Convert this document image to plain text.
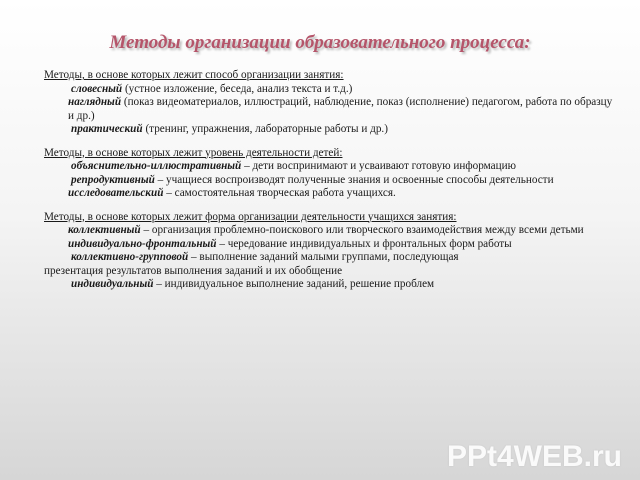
Методы организации образовательного процесса:
Методы, в основе которых лежит способ организации занятия:
словесный (устное изложение, беседа, анализ текста и т.д.)
наглядный (показ видеоматериалов, иллюстраций, наблюдение, показ (исполнение) педагогом, работа по образцу и др.)
практический (тренинг, упражнения, лабораторные работы и др.)
Методы, в основе которых лежит уровень деятельности детей:
объяснительно-иллюстративный – дети воспринимают и усваивают готовую информацию
репродуктивный – учащиеся воспроизводят полученные знания и освоенные способы деятельности
исследовательский – самостоятельная творческая работа учащихся.
Методы, в основе которых лежит форма организации деятельности учащихся занятия:
коллективный – организация проблемно-поискового или творческого взаимодействия между всеми детьми
индивидуально-фронтальный – чередование индивидуальных и фронтальных форм работы
коллективно-групповой – выполнение заданий малыми группами, последующая
презентация результатов выполнения заданий и их обобщение
индивидуальный – индивидуальное выполнение заданий, решение проблем
PPt4WEB.ru
